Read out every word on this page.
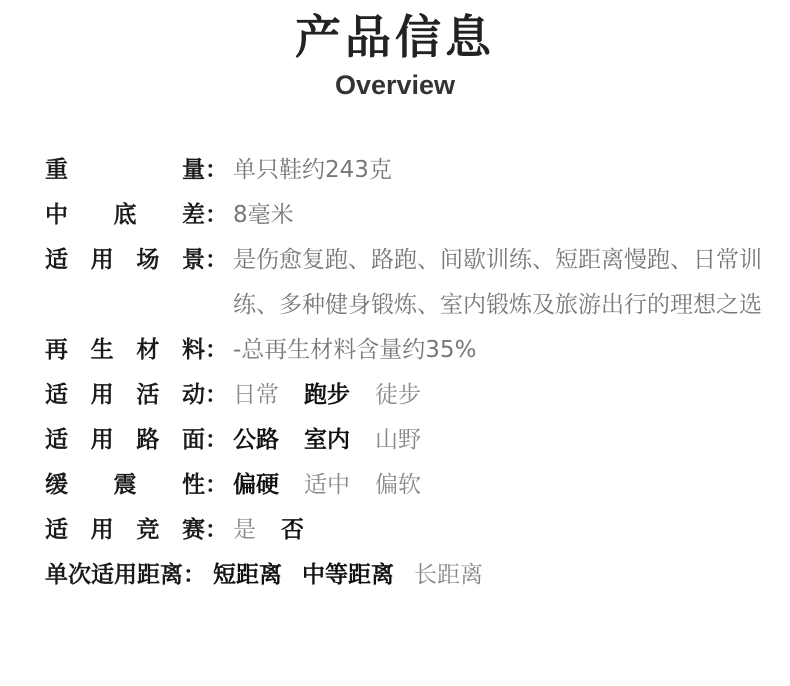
产品信息
Overview
重	量 ： 单只鞋约243克
中 底 差 ： 8毫米
适 用 场 景 ： 是伤愈复跑、路跑、间歇训练、短距离慢跑、日常训练、多种健身锻炼、室内锻炼及旅游出行的理想之选
再 生 材 料 ： -总再生材料含量约35%
适 用 活 动 ： 日常 跑步 徒步
适 用 路 面 ： 公路 室内 山野
缓 震 性 ： 偏硬 适中 偏软
适 用 竞 赛 ： 是 否
单次适用距离 ： 短距离 中等距离 长距离
